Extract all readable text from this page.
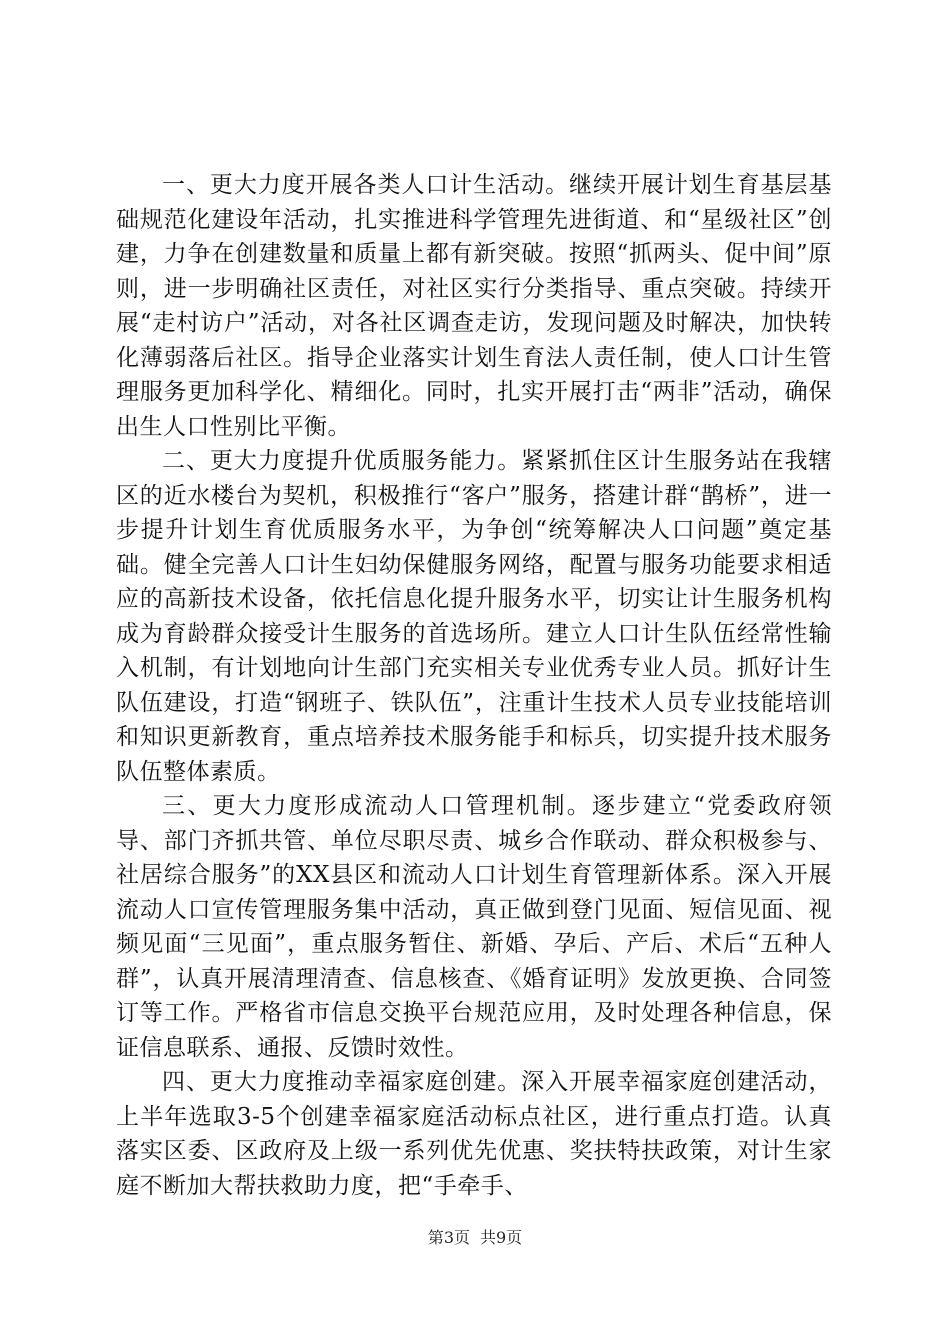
一、更大力度开展各类人口计生活动。继续开展计划生育基层基础规范化建设年活动，扎实推进科学管理先进街道、和“星级社区”创建，力争在创建数量和质量上都有新突破。按照“抓两头、促中间”原则，进一步明确社区责任，对社区实行分类指导、重点突破。持续开展“走村访户”活动，对各社区调查走访，发现问题及时解决，加快转化薄弱落后社区。指导企业落实计划生育法人责任制，使人口计生管理服务更加科学化、精细化。同时，扎实开展打击“两非”活动，确保出生人口性别比平衡。

二、更大力度提升优质服务能力。紧紧抓住区计生服务站在我辖区的近水楼台为契机，积极推行“客户”服务，搭建计群“鹊桥”，进一步提升计划生育优质服务水平，为争创“统筹解决人口问题”奠定基础。健全完善人口计生妇幼保健服务网络，配置与服务功能要求相适应的高新技术设备，依托信息化提升服务水平，切实让计生服务机构成为育龄群众接受计生服务的首选场所。建立人口计生队伍经常性输入机制，有计划地向计生部门充实相关专业优秀专业人员。抓好计生队伍建设，打造“钢班子、铁队伍”，注重计生技术人员专业技能培训和知识更新教育，重点培养技术服务能手和标兵，切实提升技术服务队伍整体素质。

三、更大力度形成流动人口管理机制。逐步建立“党委政府领导、部门齐抓共管、单位尽职尽责、城乡合作联动、群众积极参与、社居综合服务”的XX县区和流动人口计划生育管理新体系。深入开展流动人口宣传管理服务集中活动，真正做到登门见面、短信见面、视频见面“三见面”，重点服务暂住、新婚、孕后、产后、术后“五种人群”，认真开展清理清查、信息核查、《婚育证明》发放更换、合同签订等工作。严格省市信息交换平台规范应用，及时处理各种信息，保证信息联系、通报、反馈时效性。

四、更大力度推动幸福家庭创建。深入开展幸福家庭创建活动，上半年选取3-5个创建幸福家庭活动标点社区，进行重点打造。认真落实区委、区政府及上级一系列优先优惠、奖扶特扶政策，对计生家庭不断加大帮扶救助力度，把“手牵手、

第3页 共9页
